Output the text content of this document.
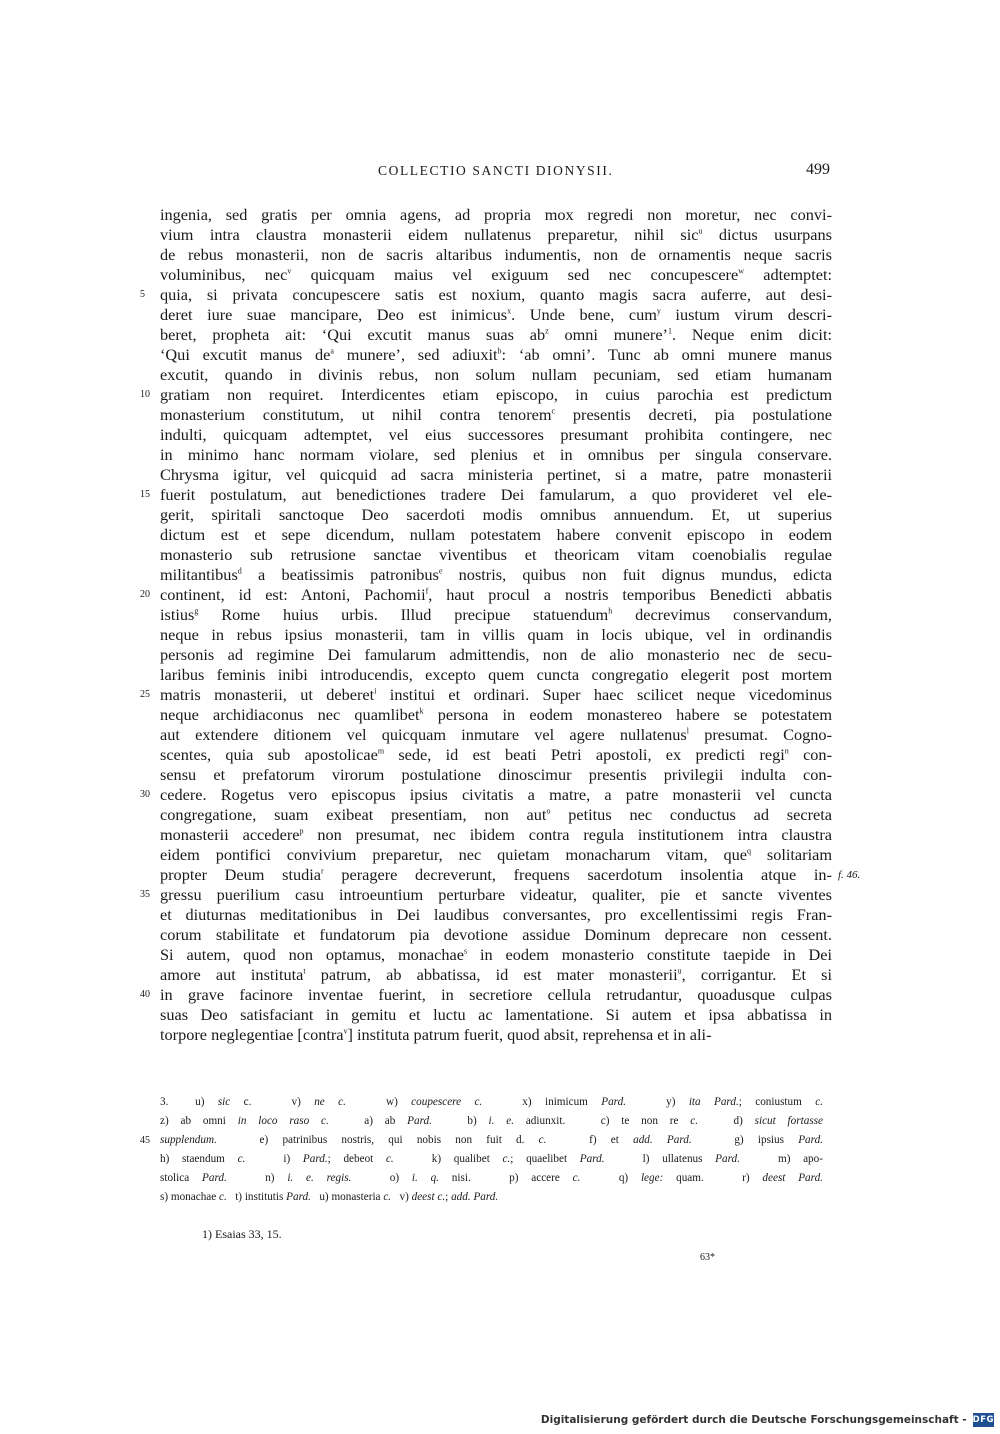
COLLECTIO SANCTI DIONYSII.	499
ingenia, sed gratis per omnia agens, ad propria mox regredi non moretur, nec convi-
vium intra claustra monasterii eidem nullatenus preparetur, nihil sic$^u$ dictus usurpans
de rebus monasterii, non de sacris altaribus indumentis, non de ornamentis neque sacris
voluminibus, nec$^v$ quicquam maius vel exiguum sed nec concupescere$^w$ adtemptet:
quia, si privata concupescere satis est noxium, quanto magis sacra auferre, aut desi-
5
deret iure suae mancipare, Deo est inimicus$^x$. Unde bene, cum$^y$ iustum virum descri-
beret, propheta ait: ‘Qui excutit manus suas $ab^z$ omni munere’$^1$. Neque enim dicit:
‘Qui excutit manus $de^a$ munere’, sed adiuxit$^b$: ‘ab omni’. Tunc ab omni munere manus
excutit, quando in divinis rebus, non solum nullam pecuniam, sed etiam humanam
gratiam non requiret. Interdicentes etiam episcopo, in cuius parochia est predictum
10
monasterium constitutum, ut nihil contra tenorem$^c$ presentis decreti, pia postulatione
indulti, quicquam adtemptet, vel eius successores presumant prohibita contingere, nec
in minimo hanc normam violare, sed plenius et in omnibus per singula conservare.
Chrysma igitur, vel quicquid ad sacra ministeria pertinet, si a matre, patre monasterii
fuerit postulatum, aut benedictiones tradere Dei famularum, a quo provideret vel ele-
15
gerit, spiritali sanctoque Deo sacerdoti modis omnibus annuendum. Et, ut superius
dictum est et sepe dicendum, nullam potestatem habere convenit episcopo in eodem
monasterio sub retrusione sanctae viventibus et theoricam vitam coenobialis regulae
militantibus$^d$ a beatissimis patronibus$^e$ nostris, quibus non fuit dignus mundus, edicta
continent, id est: Antoni, Pachomii$^f$, haut procul a nostris temporibus Benedicti abbatis
20
istius$^g$ Rome huius urbis. Illud precipue statuendum$^h$ decrevimus conservandum,
neque in rebus ipsius monasterii, tam in villis quam in locis ubique, vel in ordinandis
personis ad regimine Dei famularum admittendis, non de alio monasterio nec de secu-
laribus feminis inibi introducendis, excepto quem cuncta congregatio elegerit post mortem
matris monasterii, ut deberet$^i$ institui et ordinari. Super haec scilicet neque vicedominus
25
neque archidiaconus nec quamlibet$^k$ persona in eodem monastereo habere se potestatem
aut extendere ditionem vel quicquam inmutare vel agere nullatenus$^l$ presumat. Cogno-
scentes, quia sub apostolicae$^m$ sede, id est beati Petri apostoli, ex predicti regi$^n$ con-
sensu et prefatorum virorum postulatione dinoscimur presentis privilegii indulta con-
cedere. Rogetus vero episcopus ipsius civitatis a matre, a patre monasterii vel cuncta
30
congregatione, suam exibeat presentiam, non aut$^o$ petitus nec conductus ad secreta
monasterii accedere$^p$ non presumat, nec ibidem contra regula institutionem intra claustra
eidem pontifici convivium preparetur, nec quietam monacharum vitam, que$^q$ solitariam
propter Deum studia$^r$ peragere decreverunt, frequens sacerdotum insolentia atque in-
gressu puerilium casu introeuntium perturbare videatur, qualiter, pie et sancte viventes
35
et diuturnas meditationibus in Dei laudibus conversantes, pro excellentissimi regis Fran-
corum stabilitate et fundatorum pia devotione assidue Dominum deprecare non cessent.
Si autem, quod non optamus, monachae$^s$ in eodem monasterio constitute taepide in Dei
amore aut instituta$^t$ patrum, ab abbatissa, id est mater monasterii$^u$, corrigantur. Et si
in grave facinore inventae fuerint, in secretiore cellula retrudantur, quoadusque culpas
40
suas Deo satisfaciant in gemitu et luctu ac lamentatione. Si autem et ipsa abbatissa in
torpore neglegentiae [contra$^v$] instituta patrum fuerit, quod absit, reprehensa et in ali-
f. 46.
3.  u) sic c.   v) ne c.   w) coupescere c.   x) inimicum Pard.   y) ita Pard.; coniustum c.
z) ab omni in loco raso c.   a) ab Pard.   b) i. e. adiunxit.   c) te non re c.   d) sicut fortasse
supplendum.   e) patrinibus nostris, qui nobis non fuit d. c.   f) et add. Pard.   g) ipsius Pard.
45
h) staendum c.   i) Pard.; debeot c.   k) qualibet c.; quaelibet Pard.   l) ullatenus Pard.   m) apo-
stolica Pard.   n) i. e. regis.   o) i. q. nisi.   p) accere c.   q) lege: quam.   r) deest Pard.
s) monachae c.   t) institutis Pard.   u) monasteria c.   v) deest c.; add. Pard.
1) Esaias 33, 15.
63*
Digitalisierung gefördert durch die Deutsche Forschungsgemeinschaft - DFG
